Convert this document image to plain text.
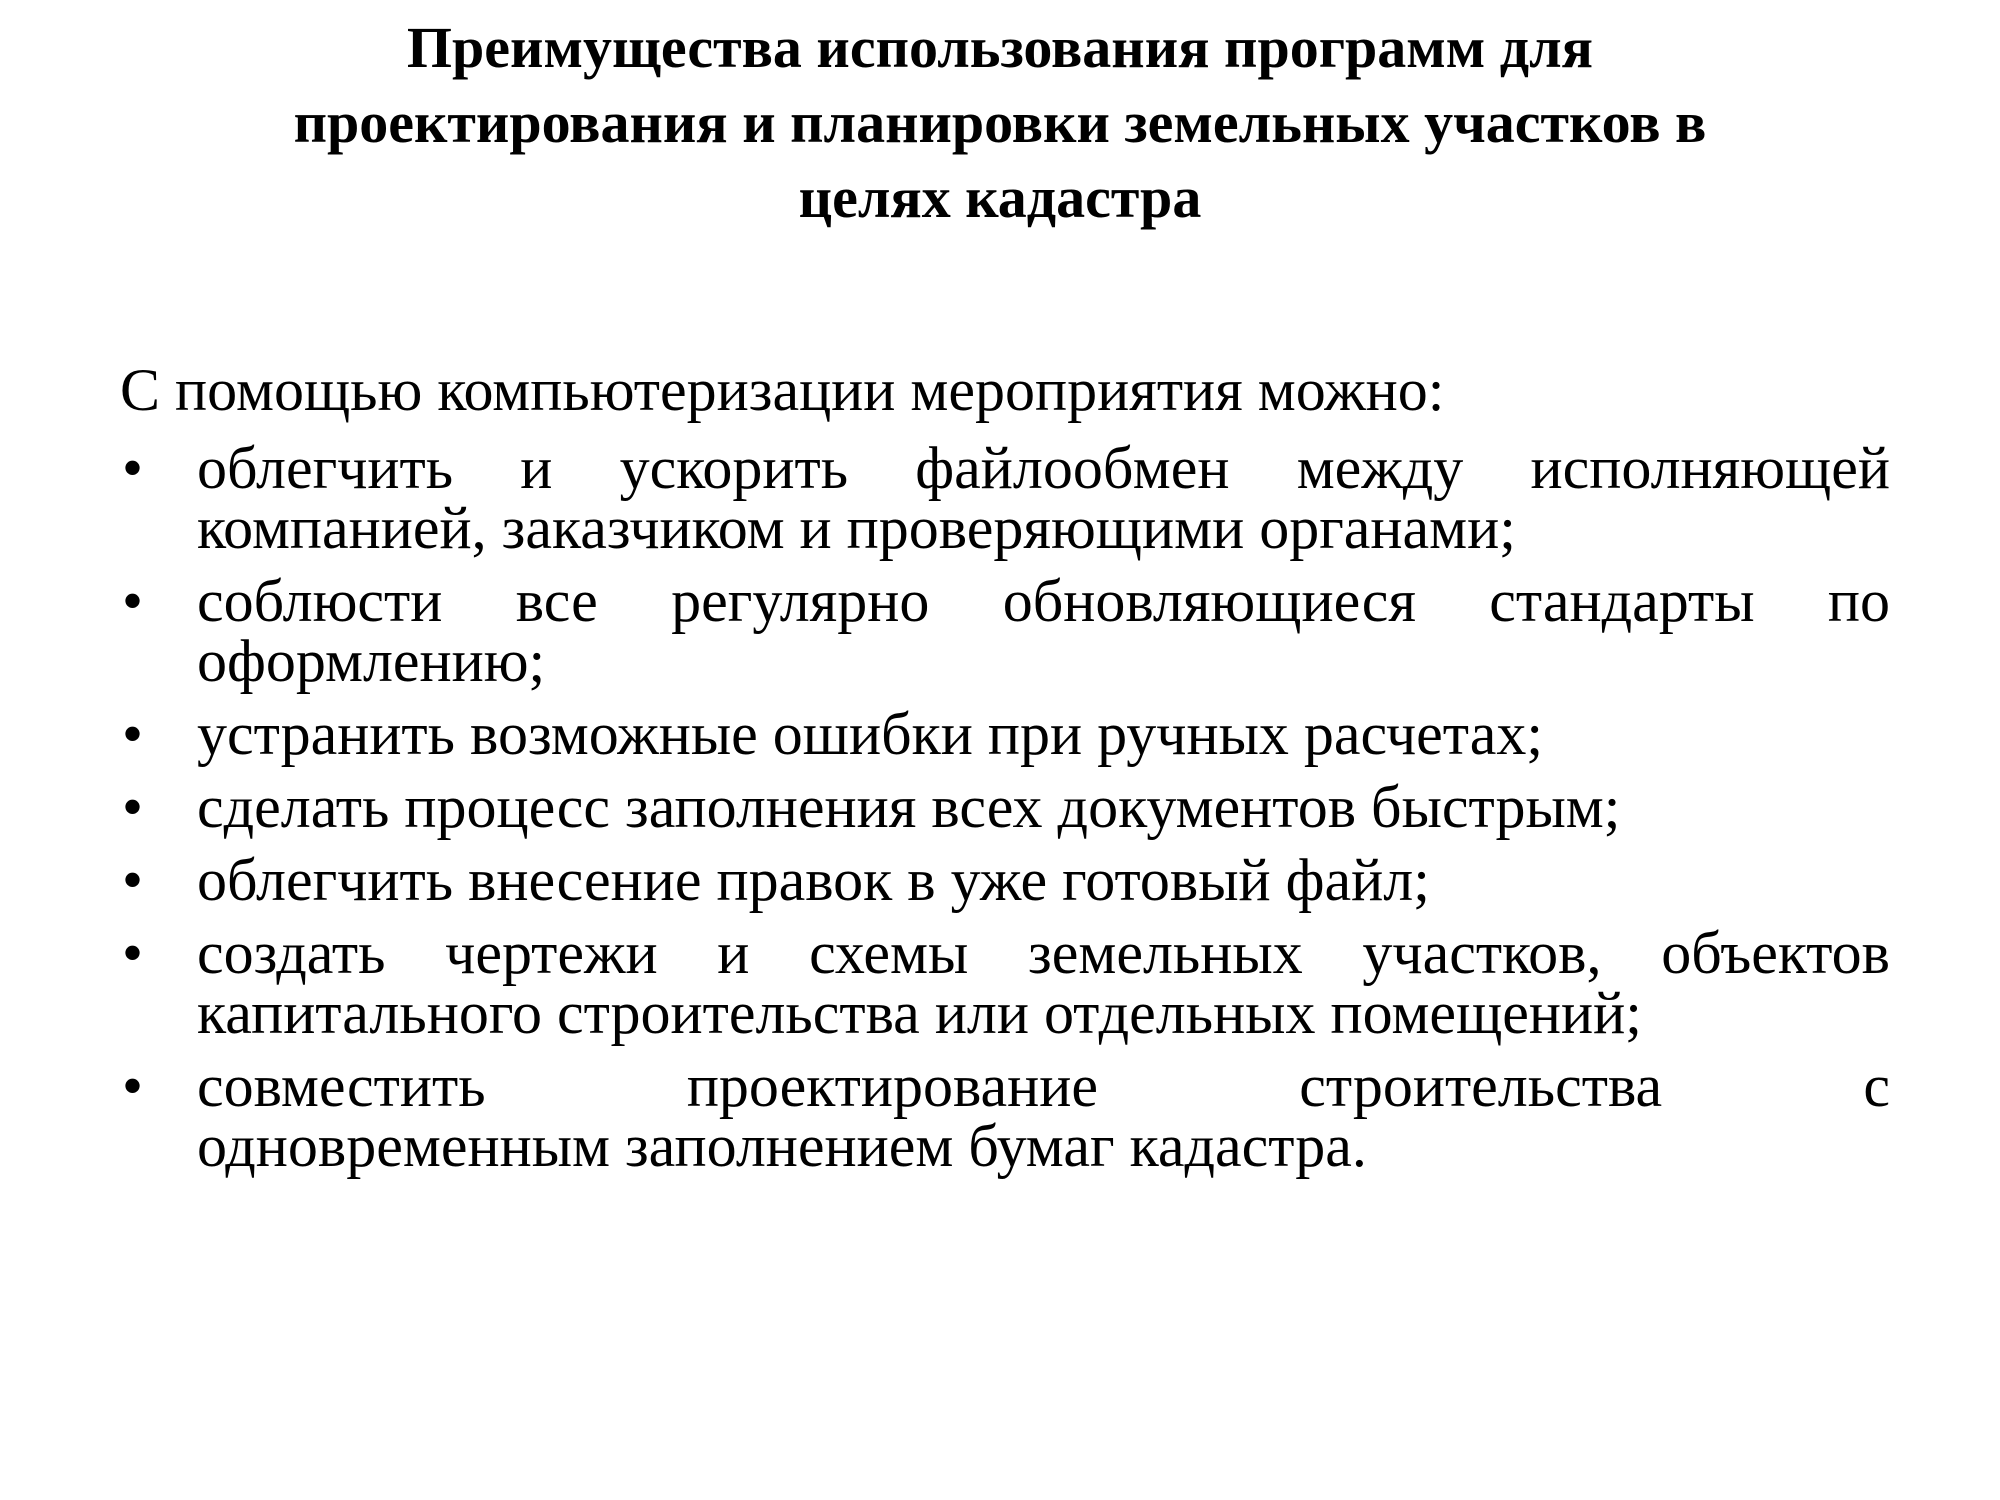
Преимущества использования программ для
проектирования и планировки земельных участков в
целях кадастра

С помощью компьютеризации мероприятия можно:

• облегчить и ускорить файлообмен между исполняющей
компанией, заказчиком и проверяющими органами;
• соблюсти все регулярно обновляющиеся стандарты по
оформлению;
• устранить возможные ошибки при ручных расчетах;
• сделать процесс заполнения всех документов быстрым;
• облегчить внесение правок в уже готовый файл;
• создать чертежи и схемы земельных участков, объектов
капитального строительства или отдельных помещений;
• совместить проектирование строительства с
одновременным заполнением бумаг кадастра.
